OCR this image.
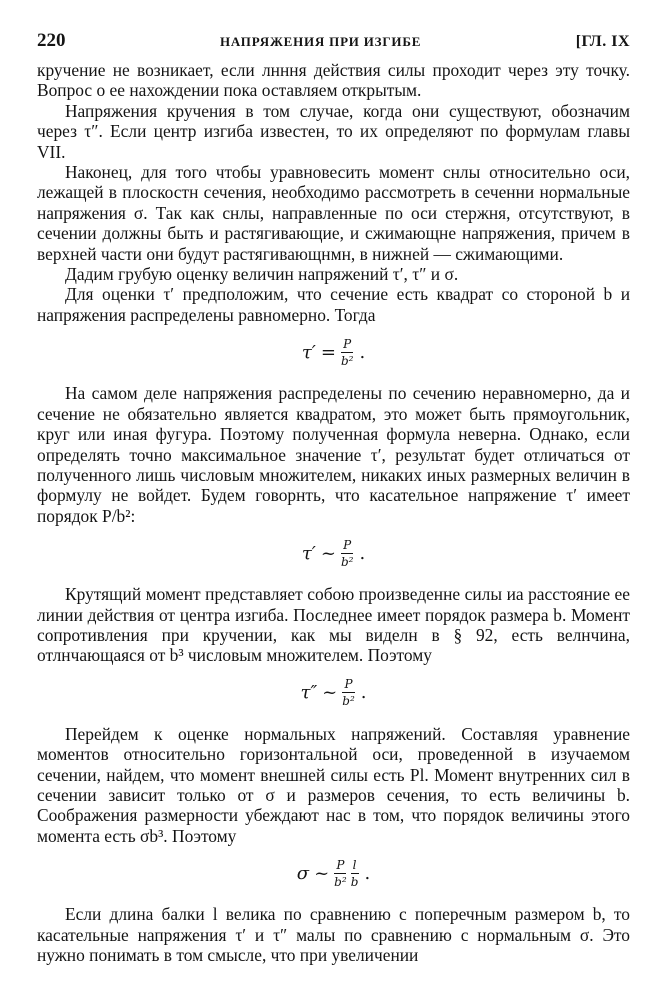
220	НАПРЯЖЕНИЯ ПРИ ИЗГИБЕ	[ГЛ. IX

кручение не возникает, если лнння действия силы проходит через эту точку. Вопрос о ее нахождении пока оставляем открытым.

Напряжения кручения в том случае, когда они существуют, обозначим через τ″. Если центр изгиба известен, то их определяют по формулам главы VII.

Наконец, для того чтобы уравновесить момент снлы относительно оси, лежащей в плоскостн сечения, необходимо рассмотреть в сеченни нормальные напряжения σ. Так как снлы, направленные по оси стержня, отсутствуют, в сечении должны быть и растягивающие, и сжимающне напряжения, причем в верхней части они будут растягивающнмн, в нижней — сжимающими.

Дадим грубую оценку величин напряжений τ′, τ″ и σ.

Для оценки τ′ предположим, что сечение есть квадрат со стороной b и напряжения распределены равномерно. Тогда

$\tau' = \frac{P}{\text{b²}}$ .

На самом деле напряжения распределены по сечению неравномерно, да и сечение не обязательно является квадратом, это может быть прямоугольник, круг или иная фугура. Поэтому полученная формула неверна. Однако, если определять точно максимальное значение τ′, результат будет отличаться от полученного лишь числовым множителем, никаких иных размерных величин в формулу не войдет. Будем говорнть, что касательное напряжение τ′ имеет порядок P/b²:

τ′ ~ $\frac{P}{\text{b²}}$ .

Крутящий момент представляет собою произведенне силы иа расстояние ее линии действия от центра изгиба. Последнее имеет порядок размера b. Момент сопротивления при кручении, как мы виделн в § 92, есть велнчина, отлнчающаяся от b³ числовым множителем. Поэтому

τ″ ~ $\frac{P}{\text{b²}}$ .

Перейдем к оценке нормальных напряжений. Составляя уравнение моментов относительно горизонтальной оси, проведенной в изучаемом сечении, найдем, что момент внешней силы есть Pl. Момент внутренних сил в сечении зависит только от σ и размеров сечения, то есть величины b. Соображения размерности убеждают нас в том, что порядок величины этого момента есть σb³. Поэтому

σ ~ $\frac{P}{\text{b²}} \frac{l}{b}$ .

Если длина балки l велика по сравнению с поперечным размером b, то касательные напряжения τ′ и τ″ малы по сравнению с нормальным σ. Это нужно понимать в том смысле, что при увеличении
